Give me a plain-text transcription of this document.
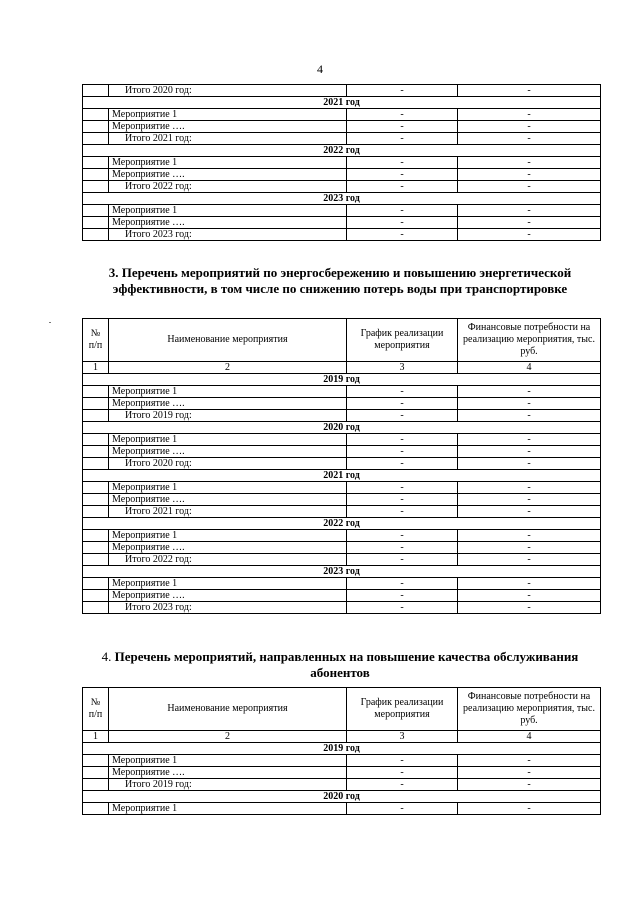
4
	Итого 2020 год:	-	-
2021 год			
	Мероприятие 1	-	-
	Мероприятие ….	-	-
	Итого 2021 год:	-	-
2022 год			
	Мероприятие 1	-	-
	Мероприятие ….	-	-
	Итого 2022 год:	-	-
2023 год			
	Мероприятие 1	-	-
	Мероприятие ….	-	-
	Итого 2023 год:	-	-
3. Перечень мероприятий по энергосбережению и повышению энергетической эффективности, в том числе по снижению потерь воды при транспортировке
№ п/п	Наименование мероприятия	График реализации мероприятия	Финансовые потребности на реализацию мероприятия, тыс. руб.
1	2	3	4
2019 год			
	Мероприятие 1	-	-
	Мероприятие ….	-	-
	Итого 2019 год:	-	-
2020 год			
	Мероприятие 1	-	-
	Мероприятие ….	-	-
	Итого 2020 год:	-	-
2021 год			
	Мероприятие 1	-	-
	Мероприятие ….	-	-
	Итого 2021 год:	-	-
2022 год			
	Мероприятие 1	-	-
	Мероприятие ….	-	-
	Итого 2022 год:	-	-
2023 год			
	Мероприятие 1	-	-
	Мероприятие ….	-	-
	Итого 2023 год:	-	-
4. Перечень мероприятий, направленных на повышение качества обслуживания абонентов
№ п/п	Наименование мероприятия	График реализации мероприятия	Финансовые потребности на реализацию мероприятия, тыс. руб.
1	2	3	4
2019 год			
	Мероприятие 1	-	-
	Мероприятие ….	-	-
	Итого 2019 год:	-	-
2020 год			
	Мероприятие 1	-	-
